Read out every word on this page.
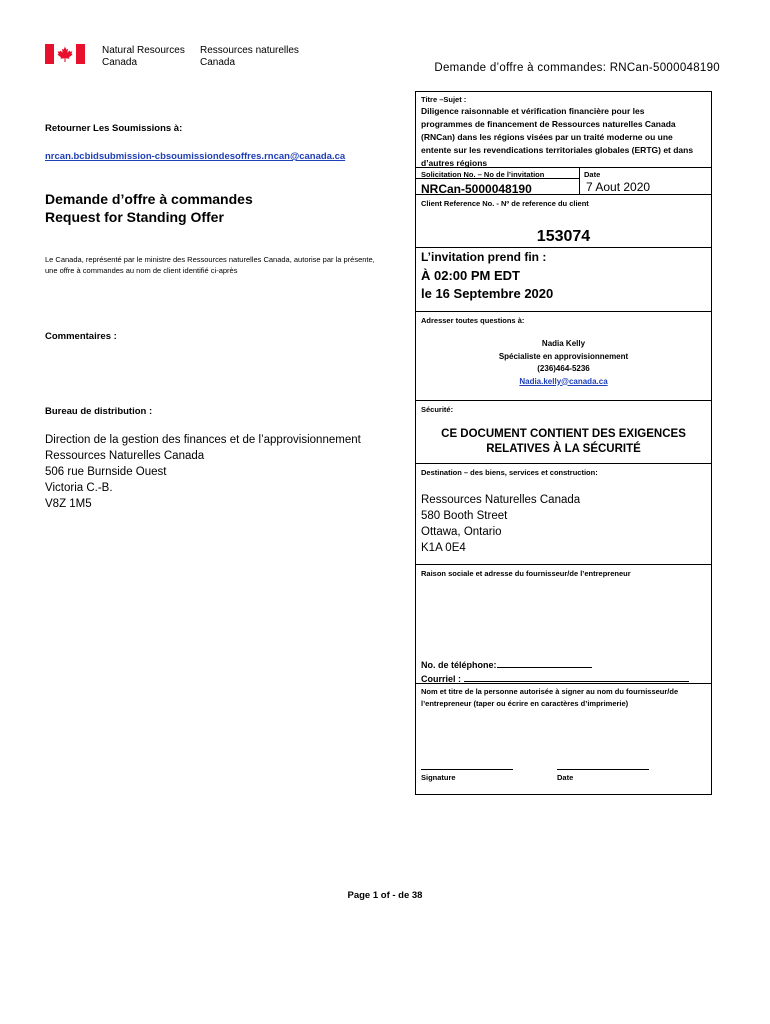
Natural Resources
Canada
Ressources naturelles
Canada	Demande d’offre à commandes: RNCan-5000048190
Retourner Les Soumissions à:
nrcan.bcbidsubmission-cbsoumissiondesoffres.rncan@canada.ca
Demande d’offre à commandes
Request for Standing Offer
Le Canada, représenté par le ministre des Ressources naturelles Canada, autorise par la présente,
une offre à commandes au nom de client identifié ci-après
Commentaires :
Bureau de distribution :
Direction de la gestion des finances et de l’approvisionnement
Ressources Naturelles Canada
506 rue Burnside Ouest
Victoria C.-B.
V8Z 1M5
Titre –Sujet :
Diligence raisonnable et vérification financière pour les
programmes de financement de Ressources naturelles Canada
(RNCan) dans les régions visées par un traité moderne ou une
entente sur les revendications territoriales globales (ERTG) et dans
d’autres régions
Solicitation No. – No de l’invitation	Date
NRCan-5000048190	7 Aout 2020
Client Reference No. - Nº de reference du client
153074
L’invitation prend fin :
À 02:00 PM EDT
le 16 Septembre 2020
Adresser toutes questions à:
Nadia Kelly
Spécialiste en approvisionnement
(236)464-5236
Nadia.kelly@canada.ca
Sécurité:
CE DOCUMENT CONTIENT DES EXIGENCES
RELATIVES À LA SÉCURITÉ
Destination – des biens, services et construction:
Ressources Naturelles Canada
580 Booth Street
Ottawa, Ontario
K1A 0E4
Raison sociale et adresse du fournisseur/de l’entrepreneur
No. de téléphone:
Courriel :
Nom et titre de la personne autorisée à signer au nom du fournisseur/de
l’entrepreneur (taper ou écrire en caractères d’imprimerie)
Signature	Date
Page 1 of - de 38
